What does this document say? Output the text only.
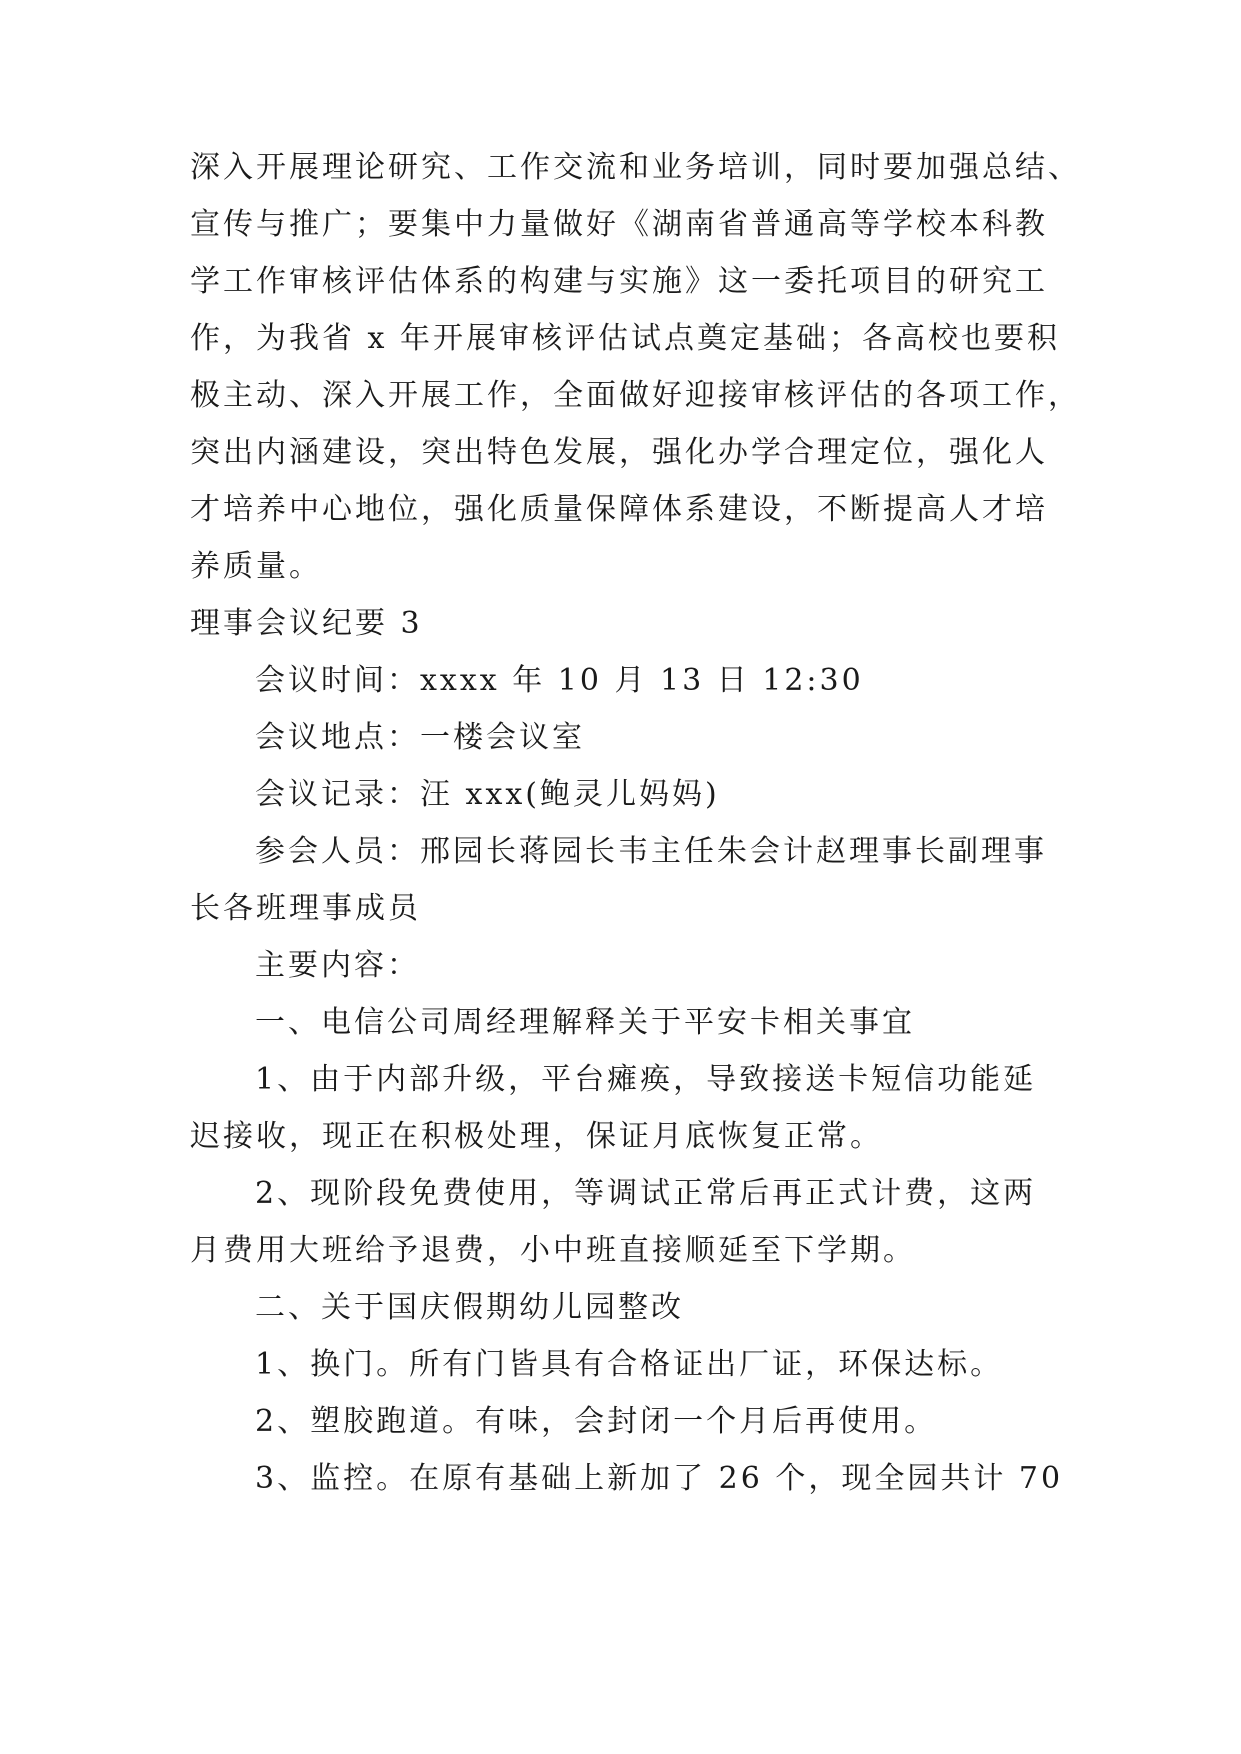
深入开展理论研究、工作交流和业务培训，同时要加强总结、
宣传与推广；要集中力量做好《湖南省普通高等学校本科教
学工作审核评估体系的构建与实施》这一委托项目的研究工
作，为我省 x 年开展审核评估试点奠定基础；各高校也要积
极主动、深入开展工作，全面做好迎接审核评估的各项工作，
突出内涵建设，突出特色发展，强化办学合理定位，强化人
才培养中心地位，强化质量保障体系建设，不断提高人才培
养质量。
理事会议纪要 3
会议时间：xxxx 年 10 月 13 日 12:30
会议地点：一楼会议室
会议记录：汪 xxx(鲍灵儿妈妈)
参会人员：邢园长蒋园长韦主任朱会计赵理事长副理事
长各班理事成员
主要内容：
一、电信公司周经理解释关于平安卡相关事宜
1、由于内部升级，平台瘫痪，导致接送卡短信功能延
迟接收，现正在积极处理，保证月底恢复正常。
2、现阶段免费使用，等调试正常后再正式计费，这两
月费用大班给予退费，小中班直接顺延至下学期。
二、关于国庆假期幼儿园整改
1、换门。所有门皆具有合格证出厂证，环保达标。
2、塑胶跑道。有味，会封闭一个月后再使用。
3、监控。在原有基础上新加了 26 个，现全园共计 70
